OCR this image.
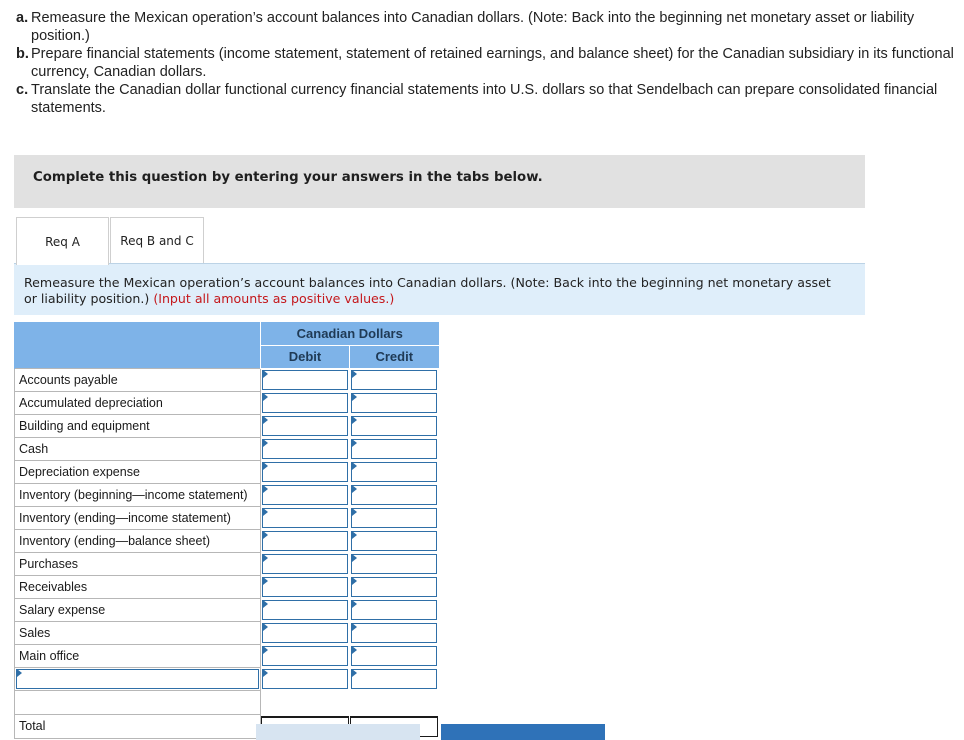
a. Remeasure the Mexican operation’s account balances into Canadian dollars. (Note: Back into the beginning net monetary asset or liability position.)
b. Prepare financial statements (income statement, statement of retained earnings, and balance sheet) for the Canadian subsidiary in its functional currency, Canadian dollars.
c. Translate the Canadian dollar functional currency financial statements into U.S. dollars so that Sendelbach can prepare consolidated financial statements.
Complete this question by entering your answers in the tabs below.
Req A	Req B and C

Remeasure the Mexican operation’s account balances into Canadian dollars. (Note: Back into the beginning net monetary asset or liability position.) (Input all amounts as positive values.)

	Canadian Dollars	
	Debit	Credit
Accounts payable	

Accumulated depreciation	

Building and equipment	

Cash	

Depreciation expense	

Inventory (beginning—income statement)	

Inventory (ending—income statement)	

Inventory (ending—balance sheet)	

Purchases	

Receivables	

Salary expense	

Sales	

Main office	

Total	
